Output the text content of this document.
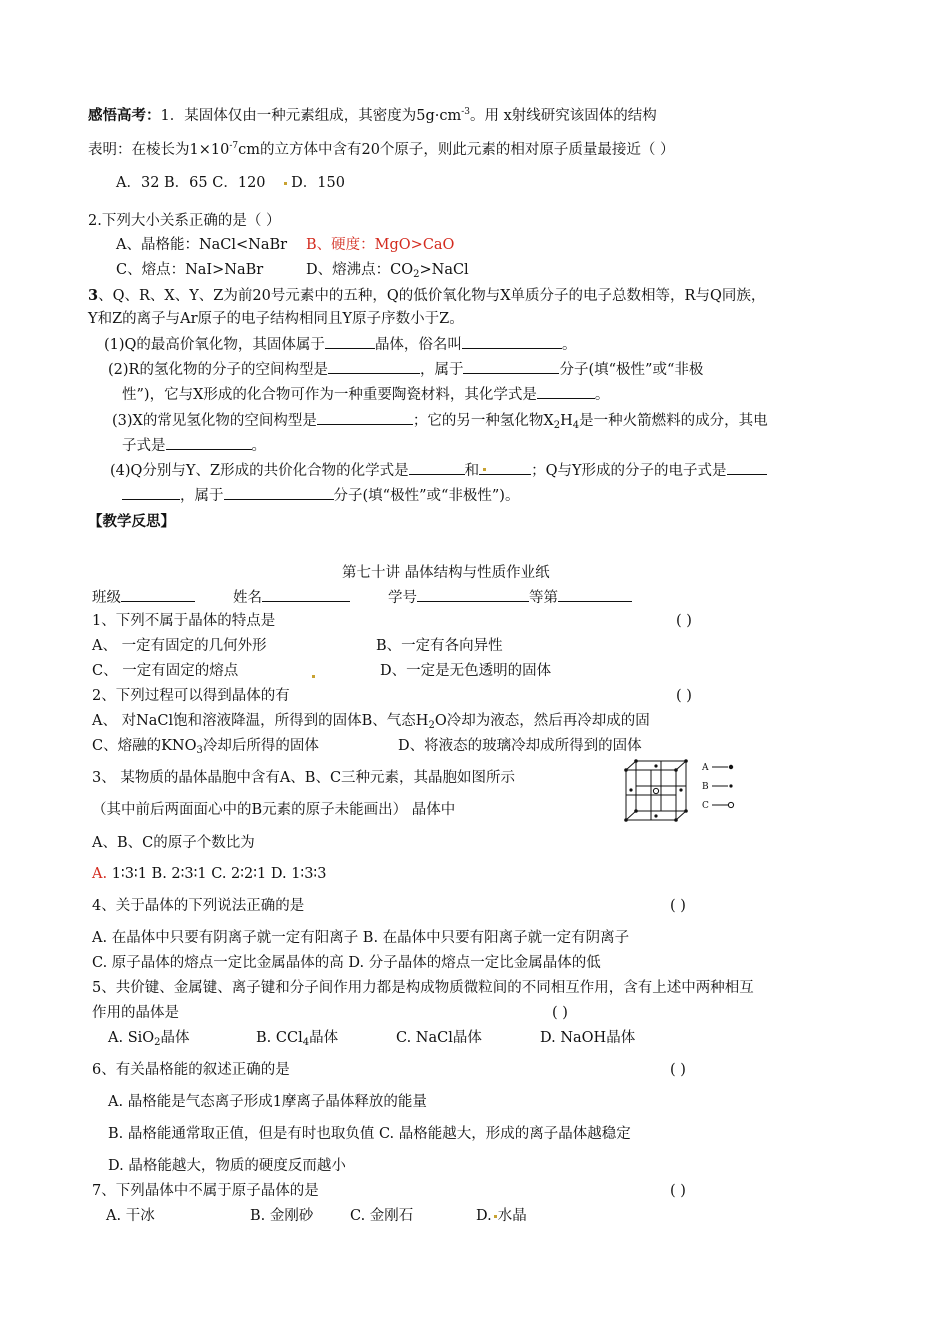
感悟高考：1．某固体仅由一种元素组成，其密度为$5g\cdot cm^{-3}$。用 x射线研究该固体的结构
表明：在棱长为$1\times 10^{-7}cm$的立方体中含有20个原子，则此元素的相对原子质量最接近（ ）
A．32 B．65 C．120 D．150
2.下列大小关系正确的是（ ）
A、晶格能：NaCl<NaBr B、硬度：MgO>CaO
C、熔点：NaI>NaBr	D、熔沸点：$CO_2>NaCl$
3、Q、R、X、Y、Z为前20号元素中的五种，Q的低价氧化物与X单质分子的电子总数相等，R与Q同族，
Y和Z的离子与Ar原子的电子结构相同且Y原子序数小于Z。
(1)Q的最高价氧化物，其固体属于	晶体，俗名叫	。
(2)R的氢化物的分子的空间构型是	，属于	分子(填“极性”或“非极
性”)，它与X形成的化合物可作为一种重要陶瓷材料，其化学式是	。
(3)X的常见氢化物的空间构型是	；它的另一种氢化物$X_2H_4$是一种火箭燃料的成分，其电
子式是	。
(4)Q分别与Y、Z形成的共价化合物的化学式是	和	；Q与Y形成的分子的电子式是
，属于	分子(填“极性”或“非极性”)。
【教学反思】
第七十讲 晶体结构与性质作业纸
班级	姓名	学号	等第
1、下列不属于晶体的特点是	( )
A、 一定有固定的几何外形	B、一定有各向异性
C、 一定有固定的熔点	D、一定是无色透明的固体
2、下列过程可以得到晶体的有	( )
A、 对NaCl饱和溶液降温，所得到的固体B、气态$H_2O$冷却为液态，然后再冷却成的固
C、熔融的$KNO_3$冷却后所得的固体	D、将液态的玻璃冷却成所得到的固体
3、 某物质的晶体晶胞中含有A、B、C三种元素，其晶胞如图所示
（其中前后两面面心中的B元素的原子未能画出） 晶体中
A、B、C的原子个数比为
A. 1∶3∶1 B. 2∶3∶1 C. 2∶2∶1 D. 1∶3∶3
A
B
C
4、关于晶体的下列说法正确的是	( )
A. 在晶体中只要有阴离子就一定有阳离子 B. 在晶体中只要有阳离子就一定有阴离子
C. 原子晶体的熔点一定比金属晶体的高 D. 分子晶体的熔点一定比金属晶体的低
5、共价键、金属键、离子键和分子间作用力都是构成物质微粒间的不同相互作用，含有上述中两种相互
作用的晶体是	( )
A. SiO$_2$晶体	B. CCl$_4$晶体	C. NaCl晶体	D. NaOH晶体
6、有关晶格能的叙述正确的是	( )
A. 晶格能是气态离子形成1摩离子晶体释放的能量
B. 晶格能通常取正值，但是有时也取负值 C. 晶格能越大，形成的离子晶体越稳定
D. 晶格能越大，物质的硬度反而越小
7、下列晶体中不属于原子晶体的是	( )
A. 干冰	B. 金刚砂	C. 金刚石	D. 水晶
